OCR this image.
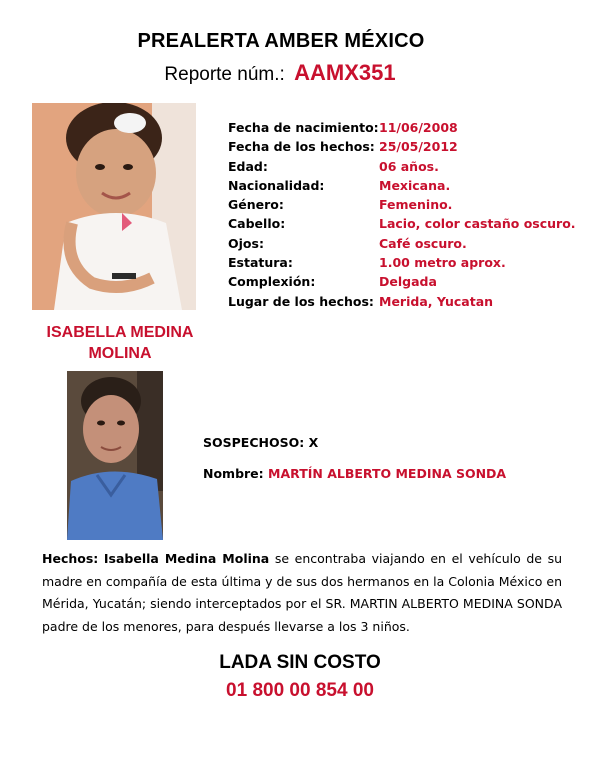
PREALERTA AMBER MÉXICO
Reporte núm.: AAMX351
ISABELLA MEDINA
MOLINA
Fecha de nacimiento: 11/06/2008
Fecha de los hechos: 25/05/2012
Edad:	06 años.
Nacionalidad:	Mexicana.
Género:	Femenino.
Cabello:	Lacio, color castaño oscuro.
Ojos:	Café oscuro.
Estatura:	1.00 metro aprox.
Complexión:	Delgada
Lugar de los hechos: Merida, Yucatan
SOSPECHOSO: X
Nombre: MARTÍN ALBERTO MEDINA SONDA
Hechos: Isabella Medina Molina se encontraba viajando en el vehículo de su madre en compañía de esta última y de sus dos hermanos en la Colonia México en Mérida, Yucatán; siendo interceptados por el SR. MARTIN ALBERTO MEDINA SONDA padre de los menores, para después llevarse a los 3 niños.
LADA SIN COSTO
01 800 00 854 00
